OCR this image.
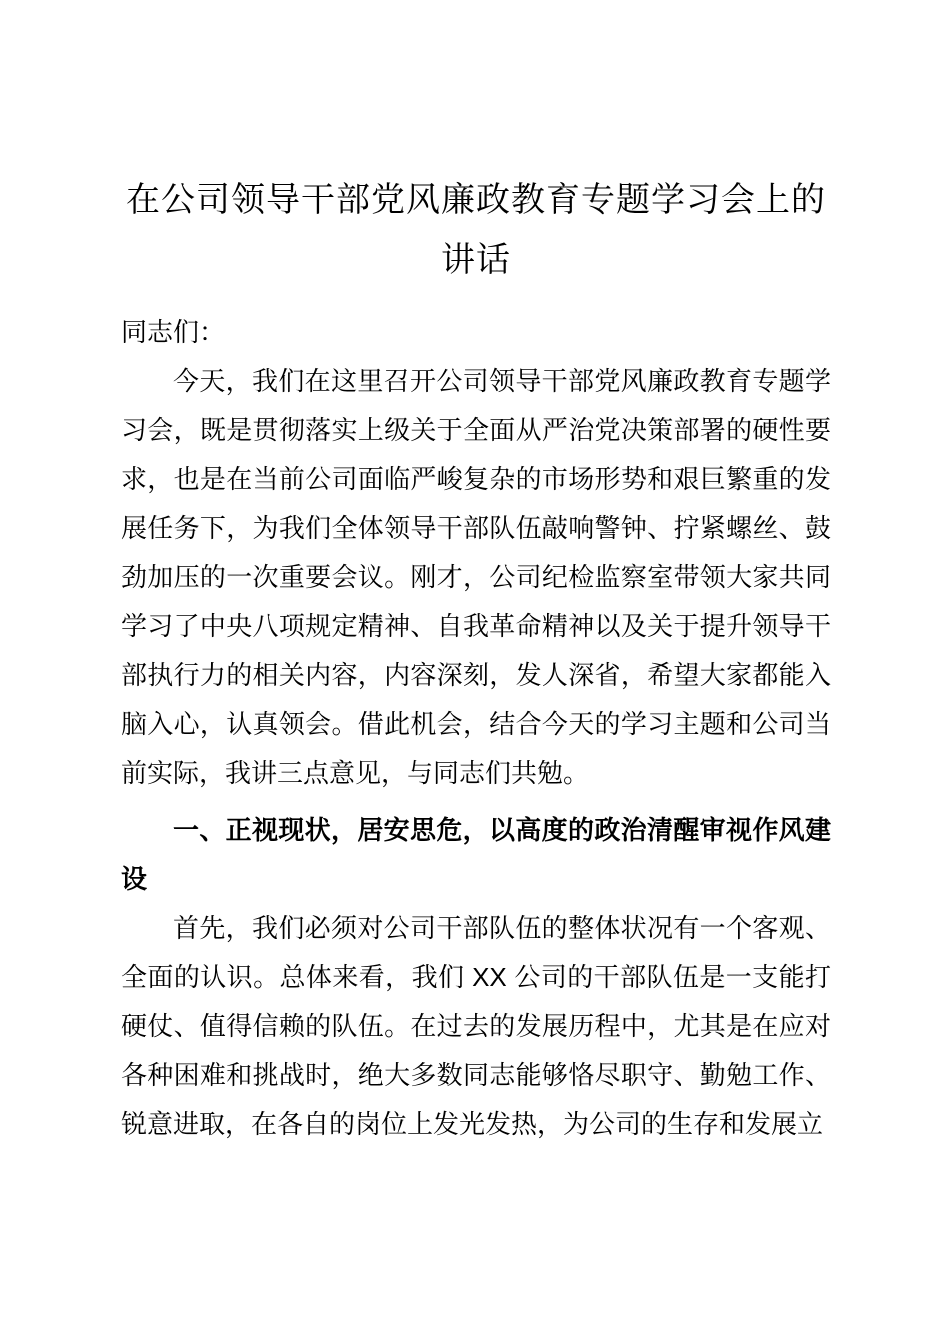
在公司领导干部党风廉政教育专题学习会上的讲话

同志们：

今天，我们在这里召开公司领导干部党风廉政教育专题学习会，既是贯彻落实上级关于全面从严治党决策部署的硬性要求，也是在当前公司面临严峻复杂的市场形势和艰巨繁重的发展任务下，为我们全体领导干部队伍敲响警钟、拧紧螺丝、鼓劲加压的一次重要会议。刚才，公司纪检监察室带领大家共同学习了中央八项规定精神、自我革命精神以及关于提升领导干部执行力的相关内容，内容深刻，发人深省，希望大家都能入脑入心，认真领会。借此机会，结合今天的学习主题和公司当前实际，我讲三点意见，与同志们共勉。

一、正视现状，居安思危，以高度的政治清醒审视作风建设

首先，我们必须对公司干部队伍的整体状况有一个客观、全面的认识。总体来看，我们 XX 公司的干部队伍是一支能打硬仗、值得信赖的队伍。在过去的发展历程中，尤其是在应对各种困难和挑战时，绝大多数同志能够恪尽职守、勤勉工作、锐意进取，在各自的岗位上发光发热，为公司的生存和发展立
